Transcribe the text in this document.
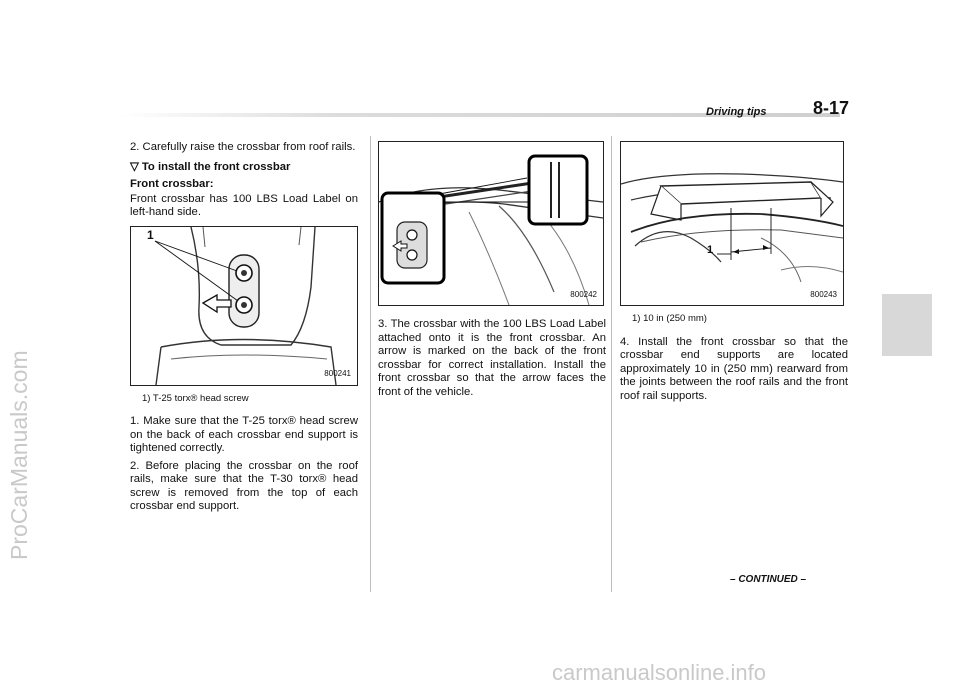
Driving tips	8-17
ProCarManuals.com
carmanualsonline.info

2. Carefully raise the crossbar from roof rails.

▽ To install the front crossbar

Front crossbar:

Front crossbar has 100 LBS Load Label on left-hand side.

1
800241
1) T-25 torx® head screw

1. Make sure that the T-25 torx® head screw on the back of each crossbar end support is tightened correctly.

2. Before placing the crossbar on the roof rails, make sure that the T-30 torx® head screw is removed from the top of each crossbar end support.

800242

3. The crossbar with the 100 LBS Load Label attached onto it is the front crossbar. An arrow is marked on the back of the front crossbar for correct installation. Install the front crossbar so that the arrow faces the front of the vehicle.

1
800243
1) 10 in (250 mm)

4. Install the front crossbar so that the crossbar end supports are located approximately 10 in (250 mm) rearward from the joints between the roof rails and the front roof rail supports.

– CONTINUED –
